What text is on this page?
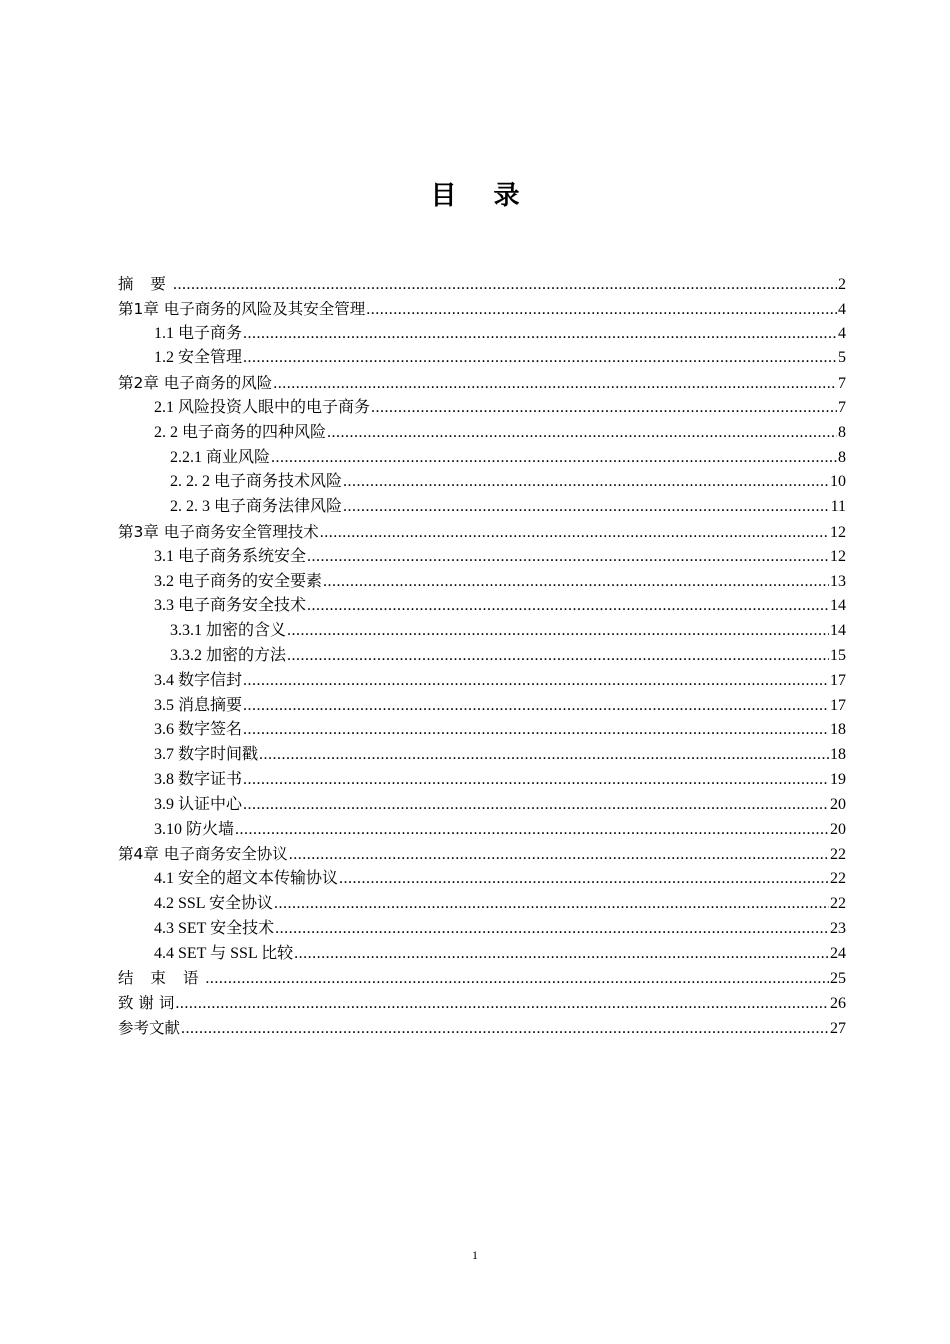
目 录
摘 要 .....	2
第1章 电子商务的风险及其安全管理 .....	4
1.1 电子商务 .....	4
1.2 安全管理 .....	5
第2章 电子商务的风险 .....	7
2.1 风险投资人眼中的电子商务 .....	7
2. 2 电子商务的四种风险 .....	8
2.2.1 商业风险 .....	8
2. 2. 2 电子商务技术风险 .....	10
2. 2. 3 电子商务法律风险 .....	11
第3章 电子商务安全管理技术 .....	12
3.1 电子商务系统安全 .....	12
3.2 电子商务的安全要素 .....	13
3.3 电子商务安全技术 .....	14
3.3.1 加密的含义 .....	14
3.3.2 加密的方法 .....	15
3.4 数字信封 .....	17
3.5 消息摘要 .....	17
3.6 数字签名 .....	18
3.7 数字时间戳 .....	18
3.8 数字证书 .....	19
3.9 认证中心 .....	20
3.10 防火墙 .....	20
第4章 电子商务安全协议 .....	22
4.1 安全的超文本传输协议 .....	22
4.2 SSL 安全协议 .....	22
4.3 SET 安全技术 .....	23
4.4 SET 与 SSL 比较 .....	24
结 束 语 .....	25
致 谢 词 .....	26
参考文献 .....	27
1
